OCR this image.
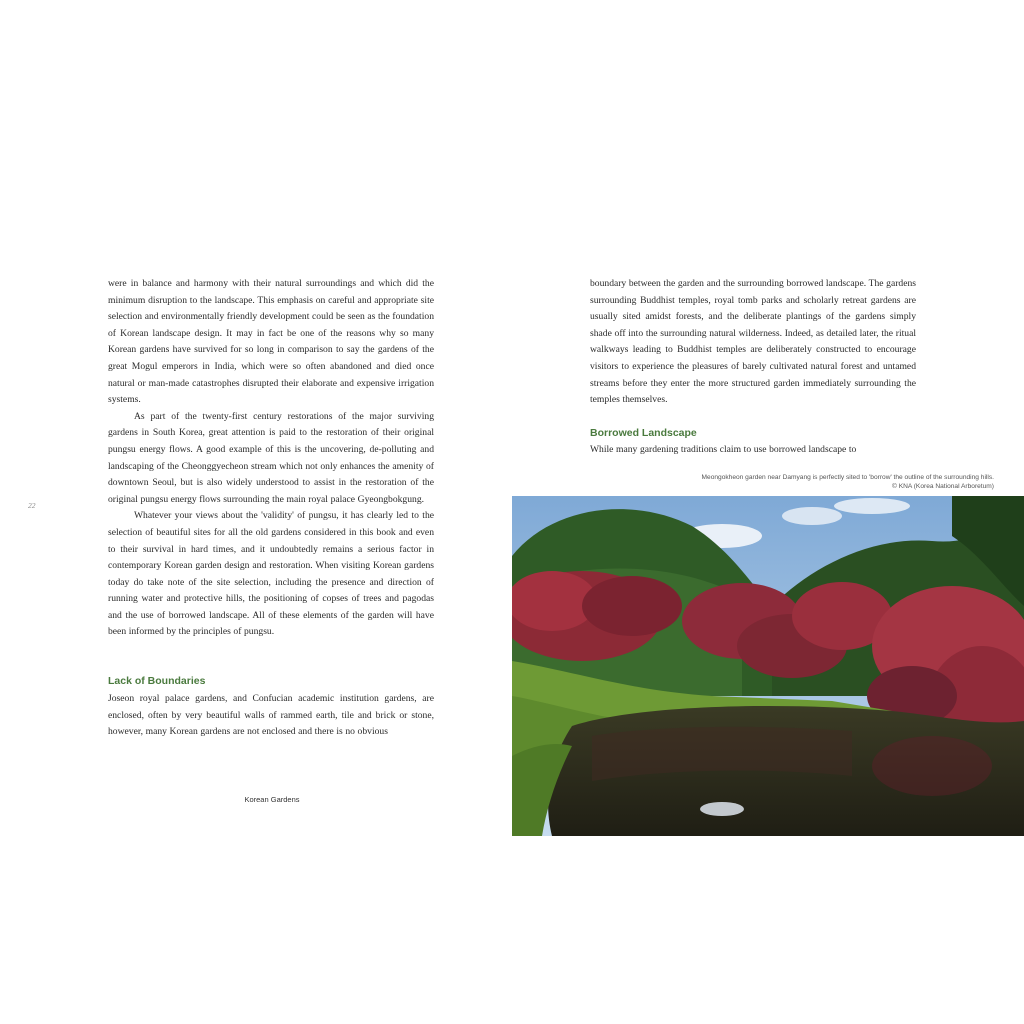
were in balance and harmony with their natural surroundings and which did the minimum disruption to the landscape. This emphasis on careful and appropriate site selection and environmentally friendly development could be seen as the foundation of Korean landscape design. It may in fact be one of the reasons why so many Korean gardens have survived for so long in comparison to say the gardens of the great Mogul emperors in India, which were so often abandoned and died once natural or man-made catastrophes disrupted their elaborate and expensive irrigation systems.

As part of the twenty-first century restorations of the major surviving gardens in South Korea, great attention is paid to the restoration of their original pungsu energy flows. A good example of this is the uncovering, de-polluting and landscaping of the Cheonggyecheon stream which not only enhances the amenity of downtown Seoul, but is also widely understood to assist in the restoration of the original pungsu energy flows surrounding the main royal palace Gyeongbokgung.

Whatever your views about the 'validity' of pungsu, it has clearly led to the selection of beautiful sites for all the old gardens considered in this book and even to their survival in hard times, and it undoubtedly remains a serious factor in contemporary Korean garden design and restoration. When visiting Korean gardens today do take note of the site selection, including the presence and direction of running water and protective hills, the positioning of copses of trees and pagodas and the use of borrowed landscape. All of these elements of the garden will have been informed by the principles of pungsu.

Lack of Boundaries

Joseon royal palace gardens, and Confucian academic institution gardens, are enclosed, often by very beautiful walls of rammed earth, tile and brick or stone, however, many Korean gardens are not enclosed and there is no obvious

22
Korean Gardens

boundary between the garden and the surrounding borrowed landscape. The gardens surrounding Buddhist temples, royal tomb parks and scholarly retreat gardens are usually sited amidst forests, and the deliberate plantings of the gardens simply shade off into the surrounding natural wilderness. Indeed, as detailed later, the ritual walkways leading to Buddhist temples are deliberately constructed to encourage visitors to experience the pleasures of barely cultivated natural forest and untamed streams before they enter the more structured garden immediately surrounding the temples themselves.

Borrowed Landscape

While many gardening traditions claim to use borrowed landscape to

Meongokheon garden near Damyang is perfectly sited to 'borrow' the outline of the surrounding hills.
© KNA (Korea National Arboretum)
